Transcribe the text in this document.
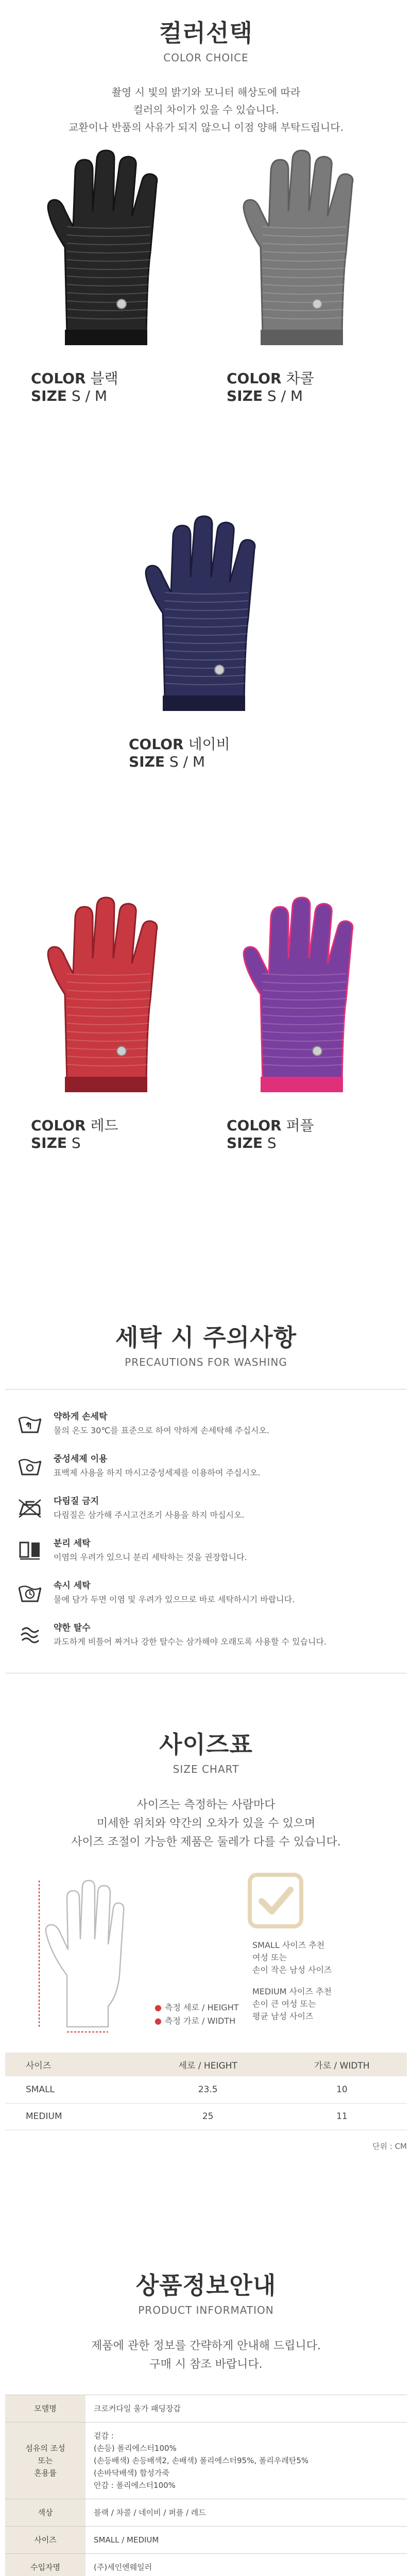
컬러선택
COLOR CHOICE

촬영 시 빛의 밝기와 모니터 해상도에 따라

컬러의 차이가 있을 수 있습니다.

교환이나 반품의 사유가 되지 않으니 이점 양해 부탁드립니다.

COLOR 블랙
SIZE S / M
COLOR 차콜
SIZE S / M
COLOR 네이비
SIZE S / M
COLOR 레드
SIZE S
COLOR 퍼플
SIZE S
세탁 시 주의사항
PRECAUTIONS FOR WASHING
약하게 손세탁
물의 온도 30℃를 표준으로 하여 약하게 손세탁해 주십시오.
중성세제 이용
표백제 사용을 하지 마시고중성세제를 이용하여 주십시오.
다림질 금지
다림질은 삼가해 주시고건조기 사용을 하지 마십시오.
분리 세탁
이염의 우려가 있으니 분리 세탁하는 것을 권장합니다.
속시 세탁
물에 담가 두면 이염 및 우려가 있으므로 바로 세탁하시기 바랍니다.
약한 탈수
과도하게 비틀어 짜거나 강한 탈수는 삼가해야 오래도록 사용할 수 있습니다.
사이즈표
SIZE CHART

사이즈는 측정하는 사람마다

미세한 위치와 약간의 오차가 있을 수 있으며

사이즈 조절이 가능한 제품은 둘레가 다를 수 있습니다.

● 측정 세로 / HEIGHT
● 측정 가로 / WIDTH

SMALL 사이즈 추천
여성 또는
손이 작은 남성 사이즈

MEDIUM 사이즈 추천
손이 큰 여성 또는
평균 남성 사이즈

사이즈	세로 / HEIGHT	가로 / WIDTH
SMALL	23.5	10
MEDIUM	25	11
단위 : CM
상품정보안내
PRODUCT INFORMATION

제품에 관한 정보를 간략하게 안내해 드립니다.

구매 시 참조 바랍니다.

모델명	크로커다일 울가 패딩장갑
섬유의 조성
또는
혼용률	겉감 :
(손등) 폴리에스터100%
(손등배색) 손등배색2, 손배색) 폴리에스터95%, 폴리우레탄5%
(손바닥배색) 합성가죽
안감 : 폴리에스터100%
색상	블랙 / 차콜 / 네이비 / 퍼플 / 레드
사이즈	SMALL / MEDIUM
수입자명	(주)세인엔웨일러
